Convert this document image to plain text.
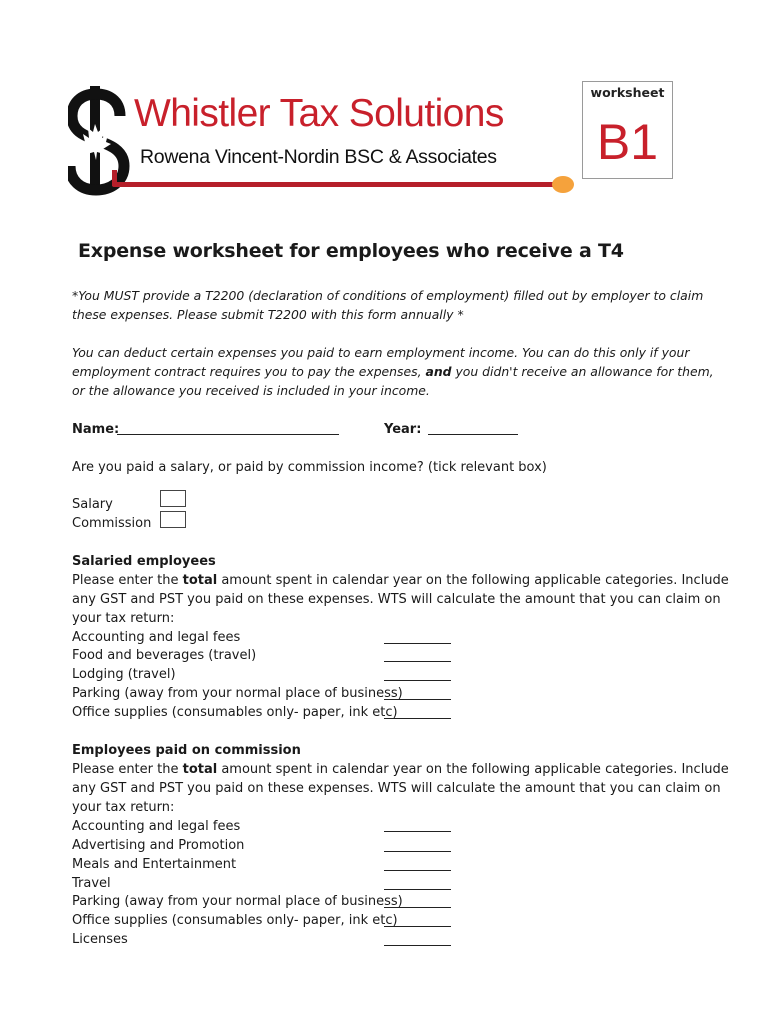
Whistler Tax Solutions
Rowena Vincent-Nordin BSC & Associates
worksheet
B1
Expense worksheet for employees who receive a T4
*You MUST provide a T2200 (declaration of conditions of employment) filled out by employer to claim
these expenses. Please submit T2200 with this form annually *
You can deduct certain expenses you paid to earn employment income. You can do this only if your
employment contract requires you to pay the expenses, and you didn't receive an allowance for them,
or the allowance you received is included in your income.
Name:	Year:
Are you paid a salary, or paid by commission income? (tick relevant box)
Salary
Commission
Salaried employees
Please enter the total amount spent in calendar year on the following applicable categories. Include
any GST and PST you paid on these expenses. WTS will calculate the amount that you can claim on
your tax return:
Accounting and legal fees
Food and beverages (travel)
Lodging (travel)
Parking (away from your normal place of business)
Office supplies (consumables only- paper, ink etc)
Employees paid on commission
Please enter the total amount spent in calendar year on the following applicable categories. Include
any GST and PST you paid on these expenses. WTS will calculate the amount that you can claim on
your tax return:
Accounting and legal fees
Advertising and Promotion
Meals and Entertainment
Travel
Parking (away from your normal place of business)
Office supplies (consumables only- paper, ink etc)
Licenses
